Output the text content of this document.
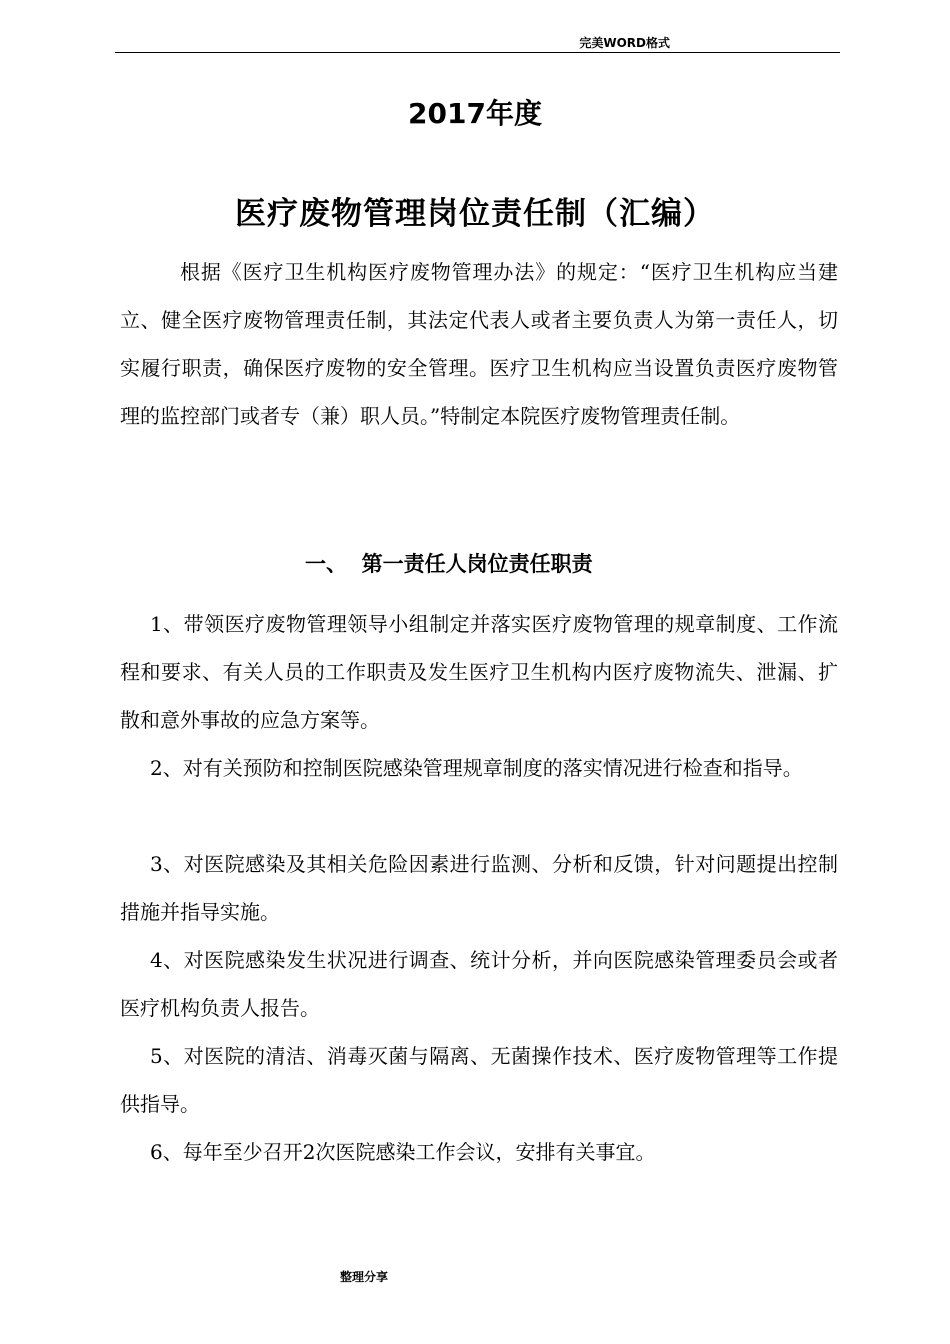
完美WORD格式
2017年度
医疗废物管理岗位责任制（汇编）

根据《医疗卫生机构医疗废物管理办法》的规定：“医疗卫生机构应当建立、健全医疗废物管理责任制，其法定代表人或者主要负责人为第一责任人，切实履行职责，确保医疗废物的安全管理。医疗卫生机构应当设置负责医疗废物管理的监控部门或者专（兼）职人员。”特制定本院医疗废物管理责任制。

一、  第一责任人岗位责任职责

1、带领医疗废物管理领导小组制定并落实医疗废物管理的规章制度、工作流程和要求、有关人员的工作职责及发生医疗卫生机构内医疗废物流失、泄漏、扩散和意外事故的应急方案等。

2、对有关预防和控制医院感染管理规章制度的落实情况进行检查和指导。

3、对医院感染及其相关危险因素进行监测、分析和反馈，针对问题提出控制措施并指导实施。

4、对医院感染发生状况进行调查、统计分析，并向医院感染管理委员会或者医疗机构负责人报告。

5、对医院的清洁、消毒灭菌与隔离、无菌操作技术、医疗废物管理等工作提供指导。

6、每年至少召开2次医院感染工作会议，安排有关事宜。

整理分享
